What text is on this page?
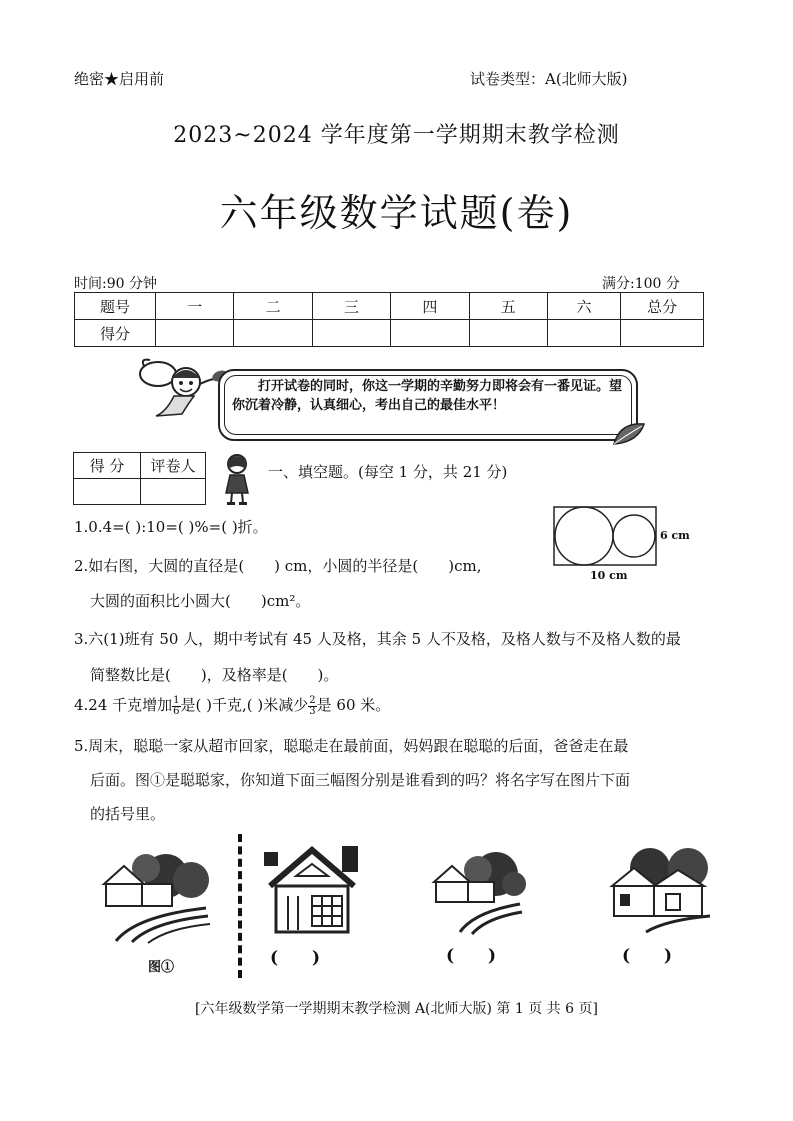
绝密★启用前	试卷类型：A(北师大版)
2023~2024 学年度第一学期期末教学检测
六年级数学试题(卷)
时间:90 分钟	满分:100 分
题号	一	二	三	四	五	六	总分
得分							
打开试卷的同时，你这一学期的辛勤努力即将会有一番见证。望你沉着冷静，认真细心，考出自己的最佳水平！
得 分	评卷人
		一、填空题。(每空 1 分，共 21 分)
1.0.4=( ):10=( )%=( )折。	6 cm
10 cm
2.如右图，大圆的直径是(　　) cm，小圆的半径是(　　)cm,
大圆的面积比小圆大(　　)cm²。
3.六(1)班有 50 人，期中考试有 45 人及格，其余 5 人不及格，及格人数与不及格人数的最
简整数比是(　　)，及格率是(　　)。
4.24 千克增加 $\frac{1}{6}$ 是( )千克,( )米减少 $\frac{2}{3}$ 是 60 米。
5.周末，聪聪一家从超市回家，聪聪走在最前面，妈妈跟在聪聪的后面，爸爸走在最
后面。图①是聪聪家，你知道下面三幅图分别是谁看到的吗？将名字写在图片下面
的括号里。
图①	(　　)	(　　)	(　　)
[六年级数学第一学期期末教学检测 A(北师大版) 第 1 页 共 6 页]
